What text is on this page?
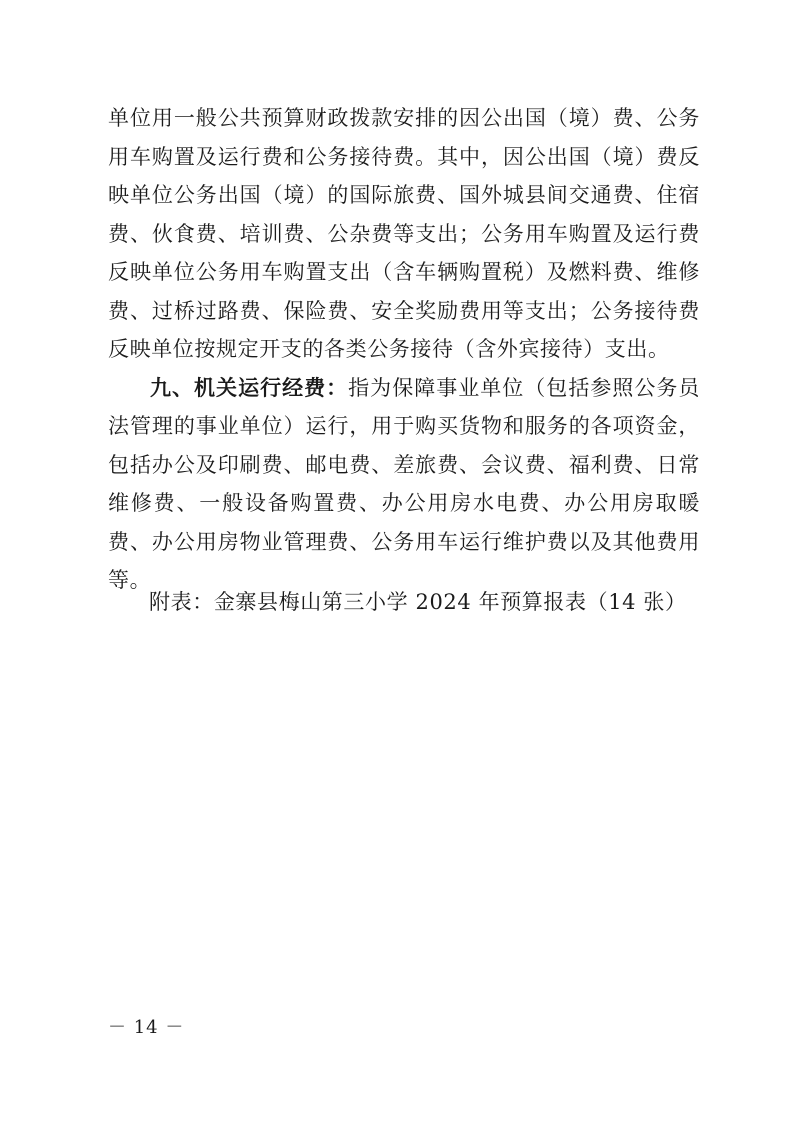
单位用一般公共预算财政拨款安排的因公出国（境）费、公务用车购置及运行费和公务接待费。其中，因公出国（境）费反映单位公务出国（境）的国际旅费、国外城县间交通费、住宿费、伙食费、培训费、公杂费等支出；公务用车购置及运行费反映单位公务用车购置支出（含车辆购置税）及燃料费、维修费、过桥过路费、保险费、安全奖励费用等支出；公务接待费反映单位按规定开支的各类公务接待（含外宾接待）支出。

九、机关运行经费：指为保障事业单位（包括参照公务员法管理的事业单位）运行，用于购买货物和服务的各项资金，包括办公及印刷费、邮电费、差旅费、会议费、福利费、日常维修费、一般设备购置费、办公用房水电费、办公用房取暖费、办公用房物业管理费、公务用车运行维护费以及其他费用等。

附表：金寨县梅山第三小学 2024 年预算报表（14 张）

－ 14 －
